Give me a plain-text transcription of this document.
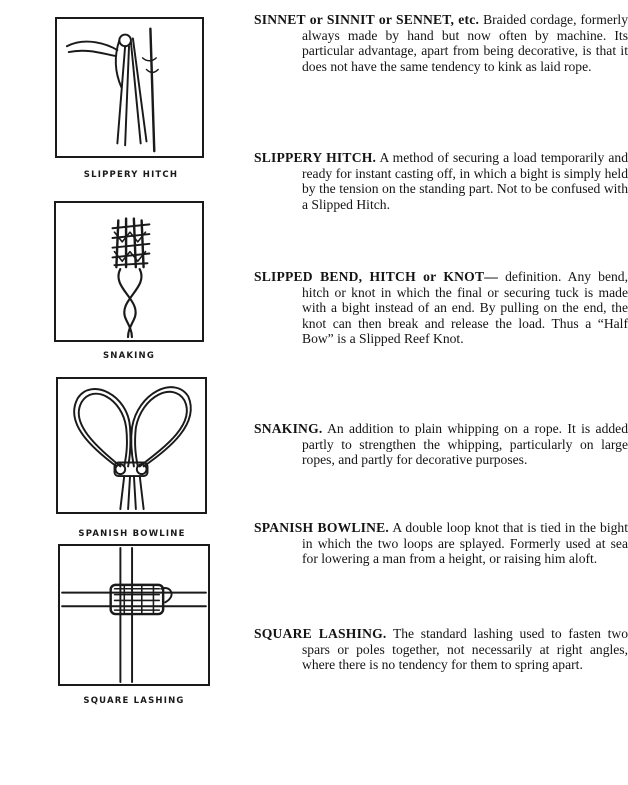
SLIPPERY HITCH
SNAKING
SPANISH BOWLINE
SQUARE LASHING
SINNET or SINNIT or SENNET, etc. Braided cordage, formerly always made by hand but now often by machine. Its particular advantage, apart from being decorative, is that it does not have the same tendency to kink as laid rope.
SLIPPERY HITCH. A method of securing a load temporarily and ready for instant casting off, in which a bight is simply held by the tension on the standing part. Not to be confused with a Slipped Hitch.
SLIPPED BEND, HITCH or KNOT— definition. Any bend, hitch or knot in which the final or securing tuck is made with a bight instead of an end. By pulling on the end, the knot can then break and release the load. Thus a “Half Bow” is a Slipped Reef Knot.
SNAKING. An addition to plain whipping on a rope. It is added partly to strengthen the whipping, particularly on large ropes, and partly for decorative purposes.
SPANISH BOWLINE. A double loop knot that is tied in the bight in which the two loops are splayed. Formerly used at sea for lowering a man from a height, or raising him aloft.
SQUARE LASHING. The standard lashing used to fasten two spars or poles together, not necessarily at right angles, where there is no tendency for them to spring apart.
